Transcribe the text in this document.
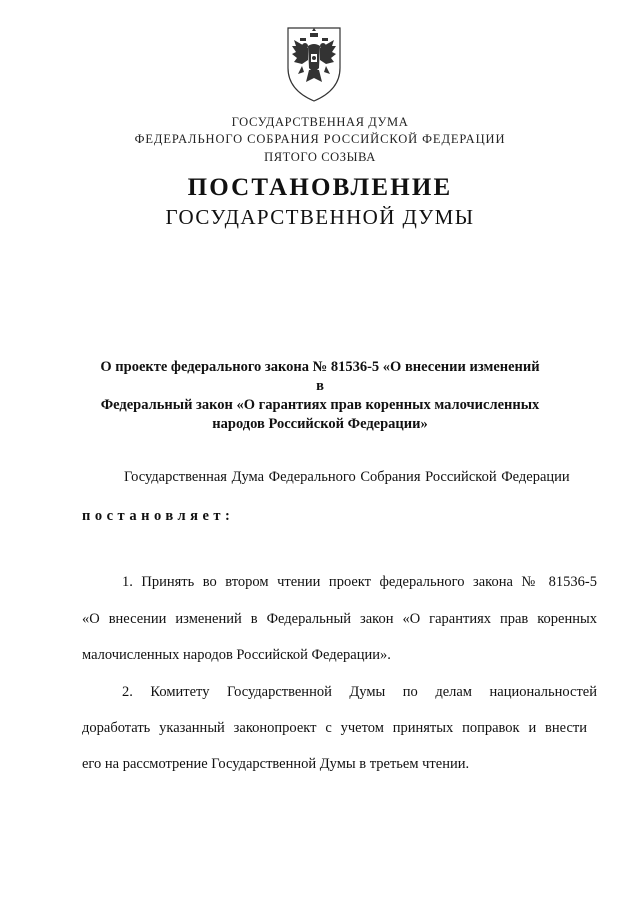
ГОСУДАРСТВЕННАЯ ДУМА
ФЕДЕРАЛЬНОГО СОБРАНИЯ РОССИЙСКОЙ ФЕДЕРАЦИИ
ПЯТОГО СОЗЫВА
ПОСТАНОВЛЕНИЕ
ГОСУДАРСТВЕННОЙ ДУМЫ
О проекте федерального закона № 81536-5 «О внесении изменений в
Федеральный закон «О гарантиях прав коренных малочисленных
народов Российской Федерации»
Государственная Дума Федерального Собрания Российской Федерации
постановляет:
1. Принять во втором чтении проект федерального закона № 81536-5
«О внесении изменений в Федеральный закон «О гарантиях прав коренных
малочисленных народов Российской Федерации».
2. Комитету Государственной Думы по делам национальностей
доработать указанный законопроект с учетом принятых поправок и внести
его на рассмотрение Государственной Думы в третьем чтении.
